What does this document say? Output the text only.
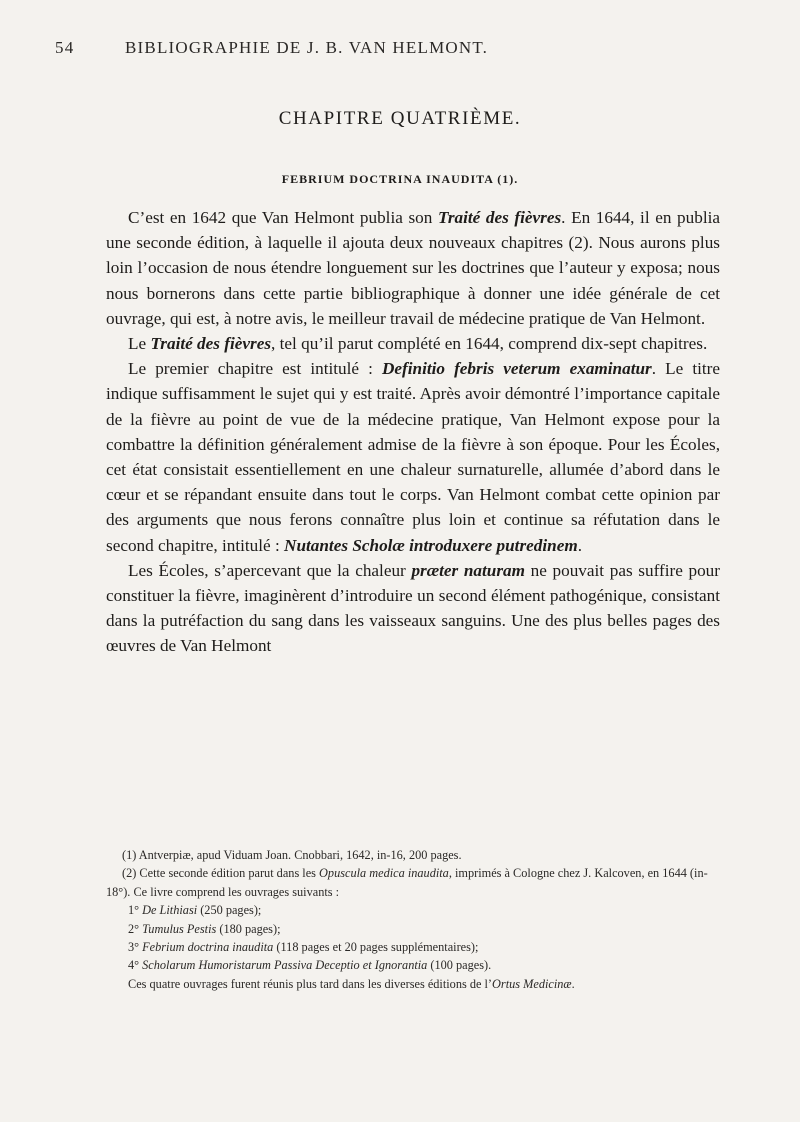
54	BIBLIOGRAPHIE DE J. B. VAN HELMONT.
CHAPITRE QUATRIÈME.
FEBRIUM DOCTRINA INAUDITA (1).

C’est en 1642 que Van Helmont publia son Traité des fièvres. En 1644, il en publia une seconde édition, à laquelle il ajouta deux nouveaux chapitres (2). Nous aurons plus loin l’occasion de nous étendre longuement sur les doctrines que l’auteur y exposa; nous nous bornerons dans cette partie bibliographique à donner une idée générale de cet ouvrage, qui est, à notre avis, le meilleur travail de médecine pratique de Van Helmont.

Le Traité des fièvres, tel qu’il parut complété en 1644, comprend dix-sept chapitres.

Le premier chapitre est intitulé : Definitio febris veterum examinatur. Le titre indique suffisamment le sujet qui y est traité. Après avoir démontré l’importance capitale de la fièvre au point de vue de la médecine pratique, Van Helmont expose pour la combattre la définition généralement admise de la fièvre à son époque. Pour les Écoles, cet état consistait essentiellement en une chaleur surnaturelle, allumée d’abord dans le cœur et se répandant ensuite dans tout le corps. Van Helmont combat cette opinion par des arguments que nous ferons connaître plus loin et continue sa réfutation dans le second chapitre, intitulé : Nutantes Scholæ introduxere putredinem.

Les Écoles, s’apercevant que la chaleur præter naturam ne pouvait pas suffire pour constituer la fièvre, imaginèrent d’introduire un second élément pathogénique, consistant dans la putréfaction du sang dans les vaisseaux sanguins. Une des plus belles pages des œuvres de Van Helmont

(1) Antverpiæ, apud Viduam Joan. Cnobbari, 1642, in-16, 200 pages.

(2) Cette seconde édition parut dans les Opuscula medica inaudita, imprimés à Cologne chez J. Kalcoven, en 1644 (in-18°). Ce livre comprend les ouvrages suivants :

1° De Lithiasi (250 pages);

2° Tumulus Pestis (180 pages);

3° Febrium doctrina inaudita (118 pages et 20 pages supplémentaires);

4° Scholarum Humoristarum Passiva Deceptio et Ignorantia (100 pages).

Ces quatre ouvrages furent réunis plus tard dans les diverses éditions de l’Ortus Medicinæ.
